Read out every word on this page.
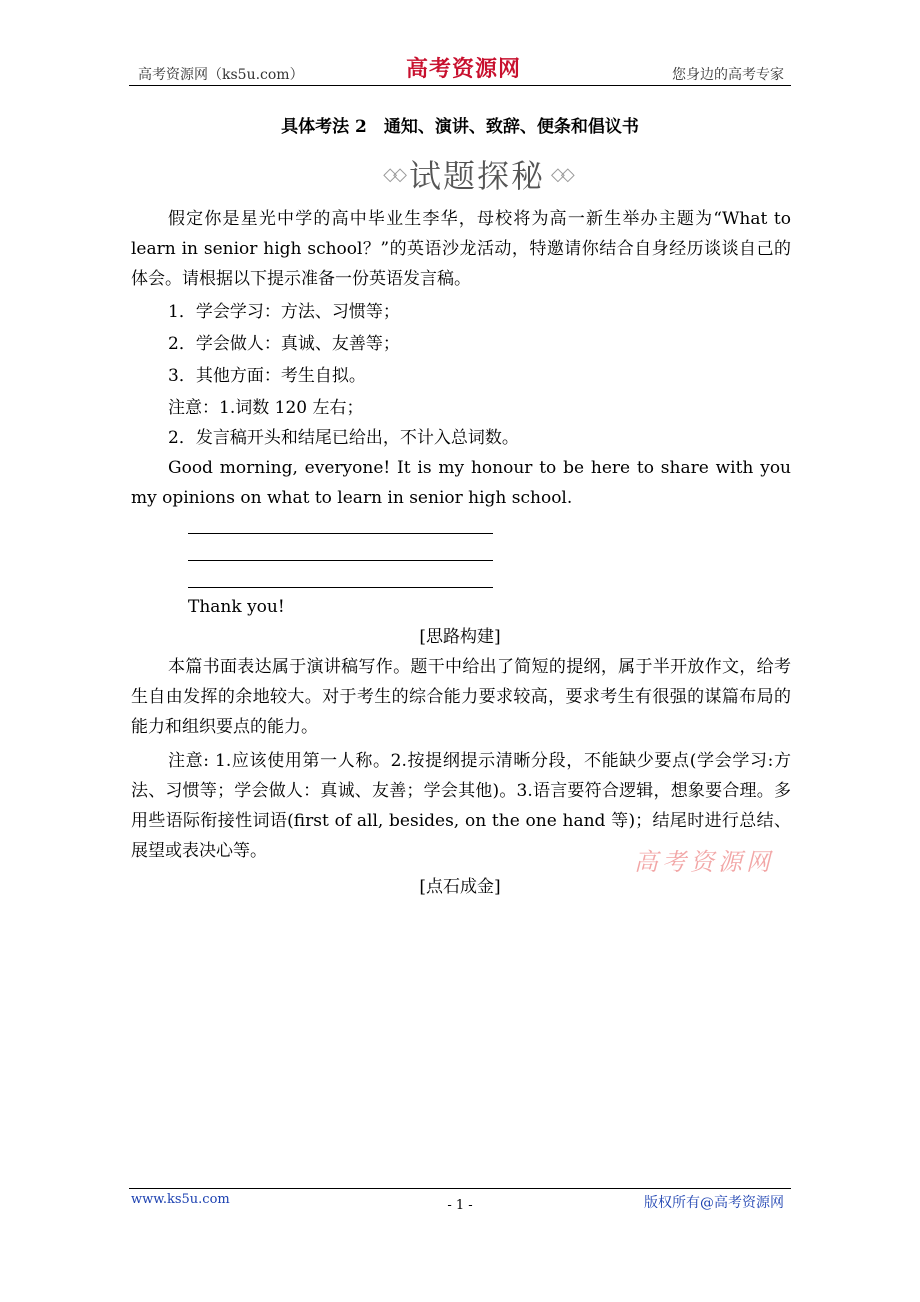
高考资源网（ks5u.com）	高考资源网	您身边的高考专家
具体考法 2　通知、演讲、致辞、便条和倡议书
◇◇ 试题探秘 ◇◇
假定你是星光中学的高中毕业生李华，母校将为高一新生举办主题为“What to learn in senior high school？”的英语沙龙活动，特邀请你结合自身经历谈谈自己的体会。请根据以下提示准备一份英语发言稿。
1．学会学习：方法、习惯等；
2．学会做人：真诚、友善等；
3．其他方面：考生自拟。
注意：1.词数 120 左右；
2．发言稿开头和结尾已给出，不计入总词数。
Good morning, everyone! It is my honour to be here to share with you my opinions on what to learn in senior high school.
Thank you!
[思路构建]
本篇书面表达属于演讲稿写作。题干中给出了简短的提纲，属于半开放作文，给考生自由发挥的余地较大。对于考生的综合能力要求较高，要求考生有很强的谋篇布局的能力和组织要点的能力。
注意: 1.应该使用第一人称。2.按提纲提示清晰分段，不能缺少要点(学会学习:方法、习惯等；学会做人：真诚、友善；学会其他)。3.语言要符合逻辑，想象要合理。多用些语际衔接性词语(first of all, besides, on the one hand 等)；结尾时进行总结、展望或表决心等。	高考资源网
[点石成金]
www.ks5u.com	- 1 -	版权所有@高考资源网
